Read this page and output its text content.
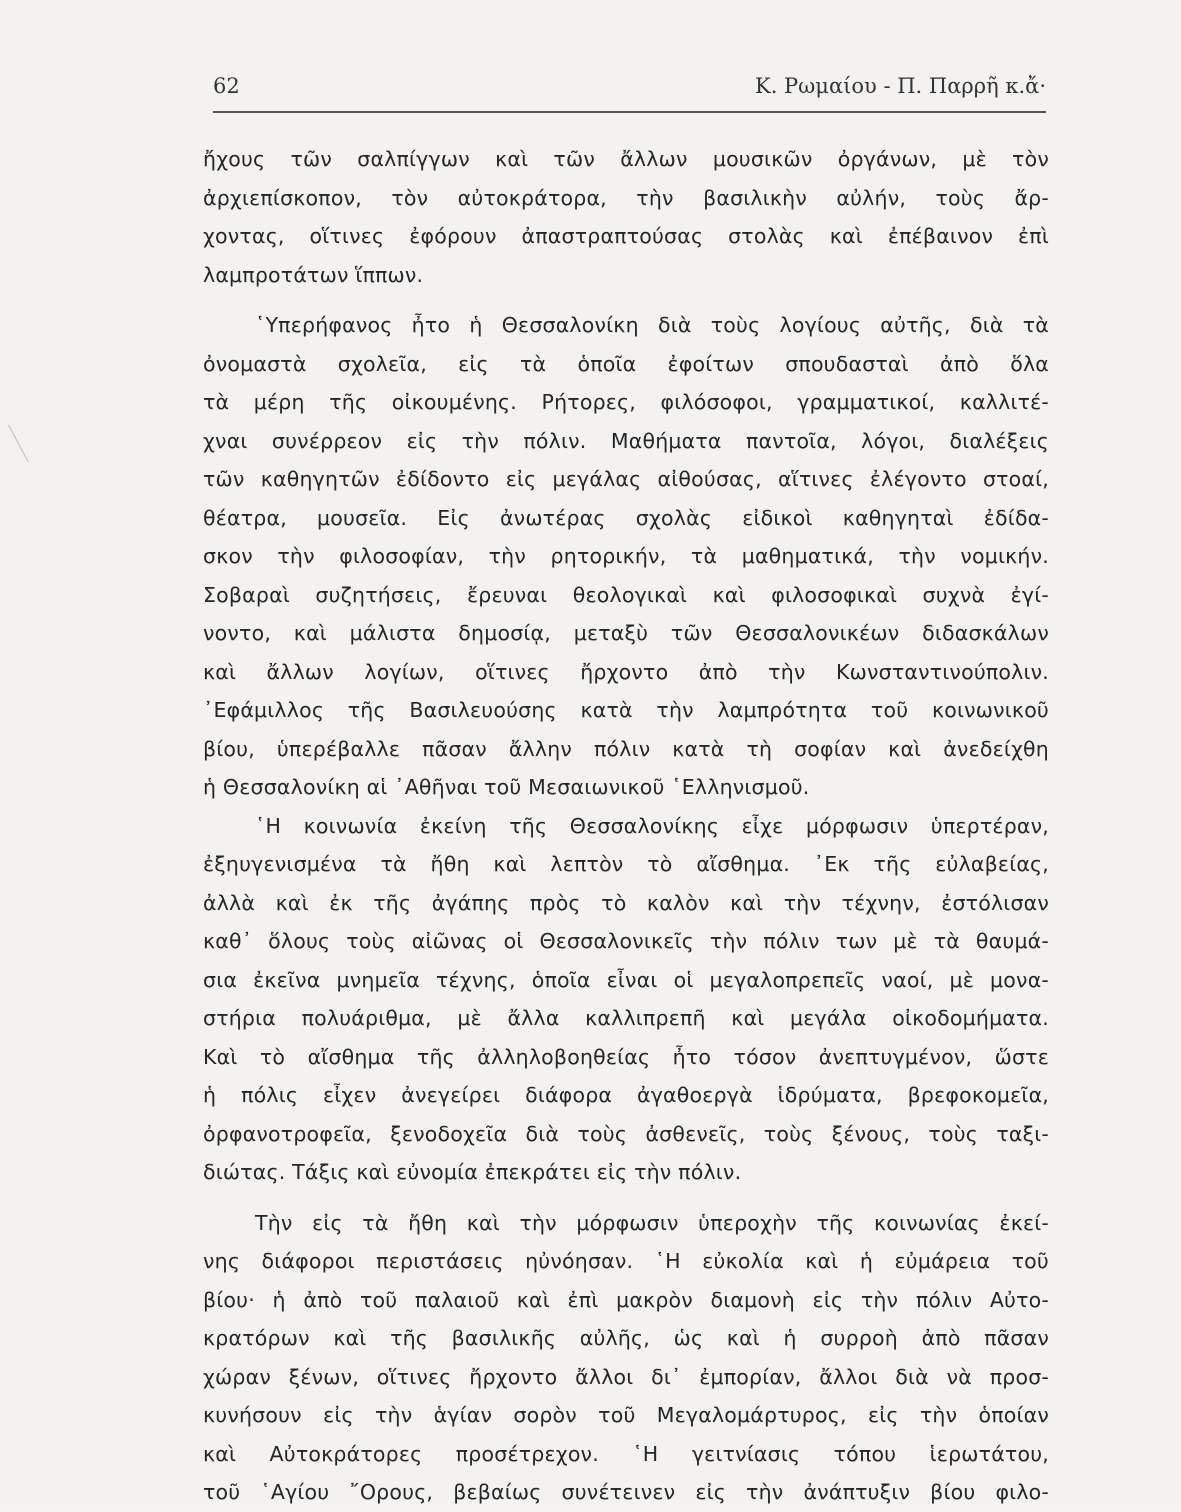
62	Κ. Ρωμαίου - Π. Παρρῆ κ.ἄ·
ἤχους τῶν σαλπίγγων καὶ τῶν ἄλλων μουσικῶν ὀργάνων, μὲ τὸν
ἀρχιεπίσκοπον, τὸν αὐτοκράτορα, τὴν βασιλικὴν αὐλήν, τοὺς ἄρ-
χοντας, οἵτινες ἐφόρουν ἀπαστραπτούσας στολὰς καὶ ἐπέβαινον ἐπὶ
λαμπροτάτων ἵππων.
῾Υπερήφανος ἦτο ἡ Θεσσαλονίκη διὰ τοὺς λογίους αὐτῆς, διὰ τὰ
ὀνομαστὰ σχολεῖα, εἰς τὰ ὁποῖα ἐφοίτων σπουδασταὶ ἀπὸ ὅλα
τὰ μέρη τῆς οἰκουμένης. Ρήτορες, φιλόσοφοι, γραμματικοί, καλλιτέ-
χναι συνέρρεον εἰς τὴν πόλιν. Μαθήματα παντοῖα, λόγοι, διαλέξεις
τῶν καθηγητῶν ἐδίδοντο εἰς μεγάλας αἰθούσας, αἵτινες ἐλέγοντο στοαί,
θέατρα, μουσεῖα. Εἰς ἀνωτέρας σχολὰς εἰδικοὶ καθηγηταὶ ἐδίδα-
σκον τὴν φιλοσοφίαν, τὴν ρητορικήν, τὰ μαθηματικά, τὴν νομικήν.
Σοβαραὶ συζητήσεις, ἔρευναι θεολογικαὶ καὶ φιλοσοφικαὶ συχνὰ ἐγί-
νοντο, καὶ μάλιστα δημοσίᾳ, μεταξὺ τῶν Θεσσαλονικέων διδασκάλων
καὶ ἄλλων λογίων, οἵτινες ἤρχοντο ἀπὸ τὴν Κωνσταντινούπολιν.
᾿Εφάμιλλος τῆς Βασιλευούσης κατὰ τὴν λαμπρότητα τοῦ κοινωνικοῦ
βίου, ὑπερέβαλλε πᾶσαν ἄλλην πόλιν κατὰ τὴ σοφίαν καὶ ἀνεδείχθη
ἡ Θεσσαλονίκη αἱ ᾿Αθῆναι τοῦ Μεσαιωνικοῦ ῾Ελληνισμοῦ.
῾Η κοινωνία ἐκείνη τῆς Θεσσαλονίκης εἶχε μόρφωσιν ὑπερτέραν,
ἐξηυγενισμένα τὰ ἤθη καὶ λεπτὸν τὸ αἴσθημα. ᾿Εκ τῆς εὐλαβείας,
ἀλλὰ καὶ ἐκ τῆς ἀγάπης πρὸς τὸ καλὸν καὶ τὴν τέχνην, ἐστόλισαν
καθ᾿ ὅλους τοὺς αἰῶνας οἱ Θεσσαλονικεῖς τὴν πόλιν των μὲ τὰ θαυμά-
σια ἐκεῖνα μνημεῖα τέχνης, ὁποῖα εἶναι οἱ μεγαλοπρεπεῖς ναοί, μὲ μονα-
στήρια πολυάριθμα, μὲ ἄλλα καλλιπρεπῆ καὶ μεγάλα οἰκοδομήματα.
Καὶ τὸ αἴσθημα τῆς ἀλληλοβοηθείας ἦτο τόσον ἀνεπτυγμένον, ὥστε
ἡ πόλις εἶχεν ἀνεγείρει διάφορα ἀγαθοεργὰ ἱδρύματα, βρεφοκομεῖα,
ὀρφανοτροφεῖα, ξενοδοχεῖα διὰ τοὺς ἀσθενεῖς, τοὺς ξένους, τοὺς ταξι-
διώτας. Τάξις καὶ εὐνομία ἐπεκράτει εἰς τὴν πόλιν.
Τὴν εἰς τὰ ἤθη καὶ τὴν μόρφωσιν ὑπεροχὴν τῆς κοινωνίας ἐκεί-
νης διάφοροι περιστάσεις ηὐνόησαν. ῾Η εὐκολία καὶ ἡ εὐμάρεια τοῦ
βίου· ἡ ἀπὸ τοῦ παλαιοῦ καὶ ἐπὶ μακρὸν διαμονὴ εἰς τὴν πόλιν Αὐτο-
κρατόρων καὶ τῆς βασιλικῆς αὐλῆς, ὡς καὶ ἡ συρροὴ ἀπὸ πᾶσαν
χώραν ξένων, οἵτινες ἤρχοντο ἄλλοι δι᾿ ἐμπορίαν, ἄλλοι διὰ νὰ προσ-
κυνήσουν εἰς τὴν ἁγίαν σορὸν τοῦ Μεγαλομάρτυρος, εἰς τὴν ὁποίαν
καὶ Αὐτοκράτορες προσέτρεχον. ῾Η γειτνίασις τόπου ἱερωτάτου,
τοῦ ῾Αγίου ῎Ορους, βεβαίως συνέτεινεν εἰς τὴν ἀνάπτυξιν βίου φιλο-
